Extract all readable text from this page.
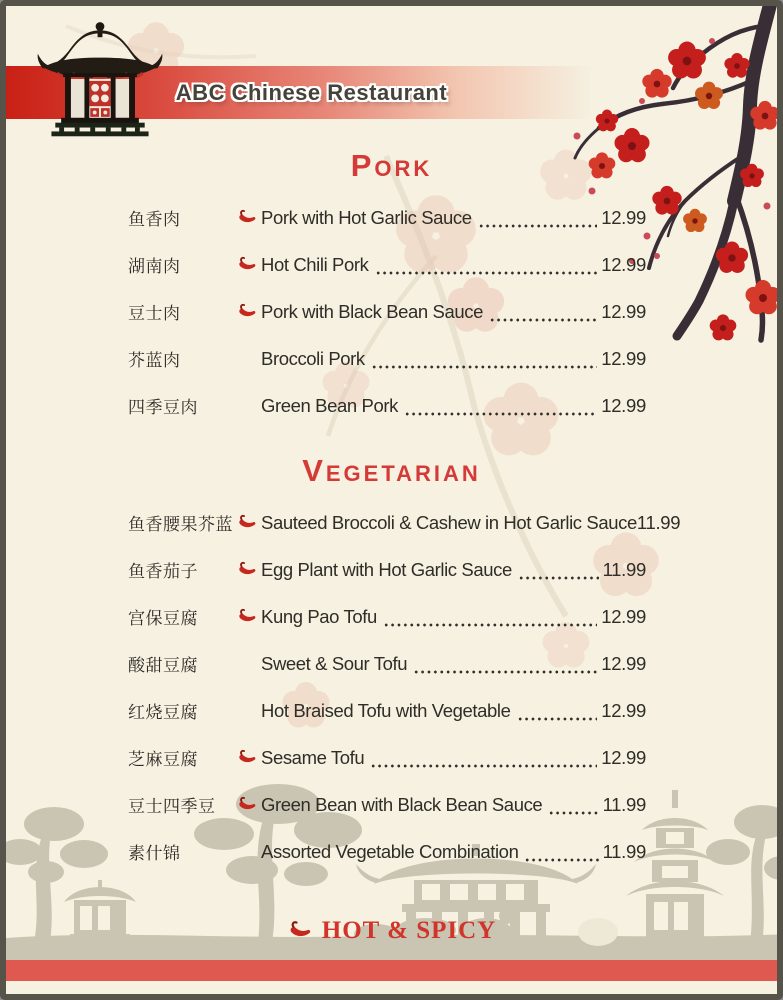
ABC Chinese Restaurant
Pork
鱼香肉	Pork with Hot Garlic Sauce	12.99
湖南肉	Hot Chili Pork	12.99
豆士肉	Pork with Black Bean Sauce	12.99
芥蓝肉	Broccoli Pork	12.99
四季豆肉	Green Bean Pork	12.99
Vegetarian
鱼香腰果芥蓝 Sauteed Broccoli & Cashew in Hot Garlic Sauce 11.99
鱼香茄子	Egg Plant with Hot Garlic Sauce	11.99
宫保豆腐	Kung Pao Tofu	12.99
酸甜豆腐	Sweet & Sour Tofu	12.99
红烧豆腐	Hot Braised Tofu with Vegetable	12.99
芝麻豆腐	Sesame Tofu	12.99
豆士四季豆	Green Bean with Black Bean Sauce	11.99
素什锦	Assorted Vegetable Combination	11.99
HOT & SPICY
